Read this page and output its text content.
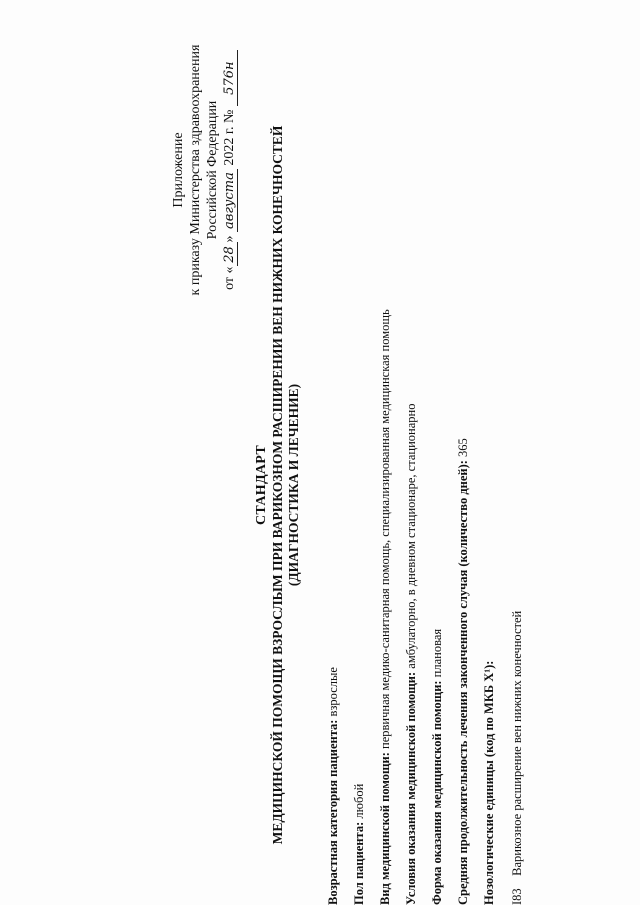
Приложение к приказу Министерства здравоохранения Российской Федерации
от «28» августа 2022 г. № 576н
СТАНДАРТ МЕДИЦИНСКОЙ ПОМОЩИ ВЗРОСЛЫМ ПРИ ВАРИКОЗНОМ РАСШИРЕНИИ ВЕН НИЖНИХ КОНЕЧНОСТЕЙ (ДИАГНОСТИКА И ЛЕЧЕНИЕ)
Возрастная категория пациента: взрослые
Пол пациента: любой Вид медицинской помощи: первичная медико-санитарная помощь, специализированная медицинская помощь
Условия оказания медицинской помощи: амбулаторно, в дневном стационаре, стационарно
Форма оказания медицинской помощи: плановая Средняя продолжительность лечения законченного случая (количество дней): 365
Нозологические единицы (код по МКБ X¹):	I83 Варикозное расширение вен нижних конечностей
